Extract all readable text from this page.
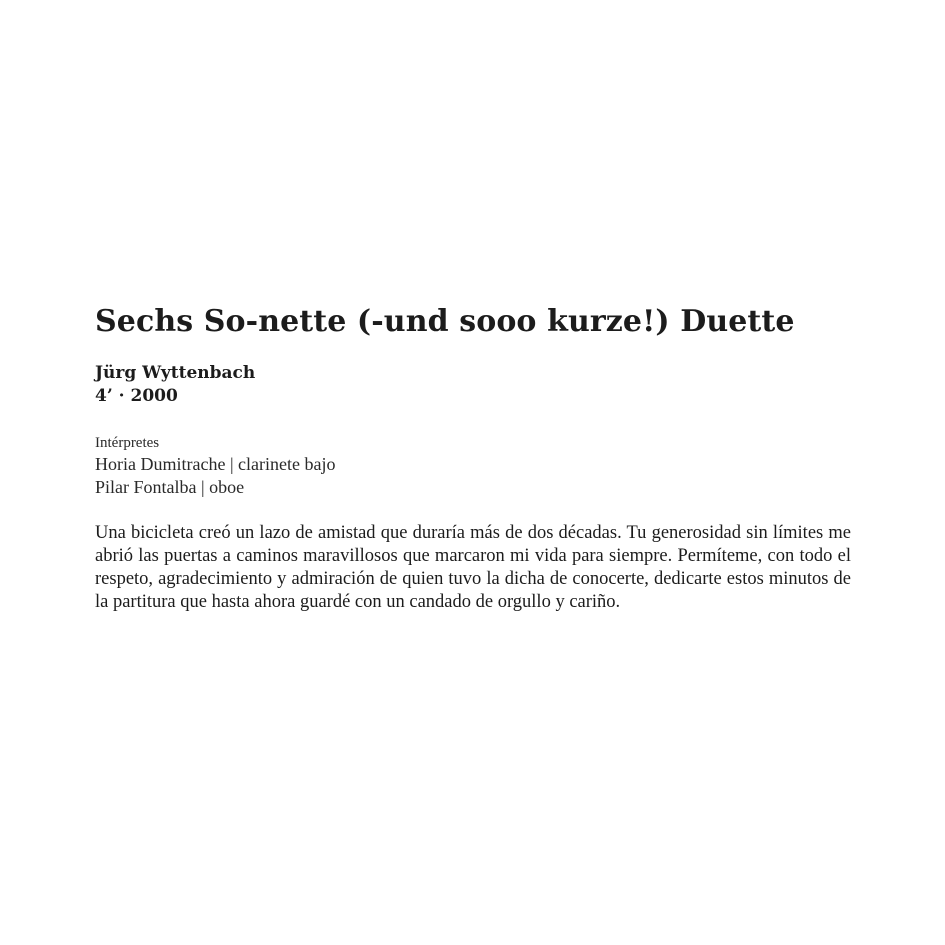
Sechs So-nette (-und sooo kurze!) Duette
Jürg Wyttenbach
4’ · 2000
Intérpretes
Horia Dumitrache | clarinete bajo
Pilar Fontalba | oboe

Una bicicleta creó un lazo de amistad que duraría más de dos décadas. Tu generosidad sin límites me abrió las puertas a caminos maravillosos que marcaron mi vida para siempre. Permíteme, con todo el respeto, agradecimiento y admiración de quien tuvo la dicha de conocerte, dedicarte estos minutos de la partitura que hasta ahora guardé con un candado de orgullo y cariño.
